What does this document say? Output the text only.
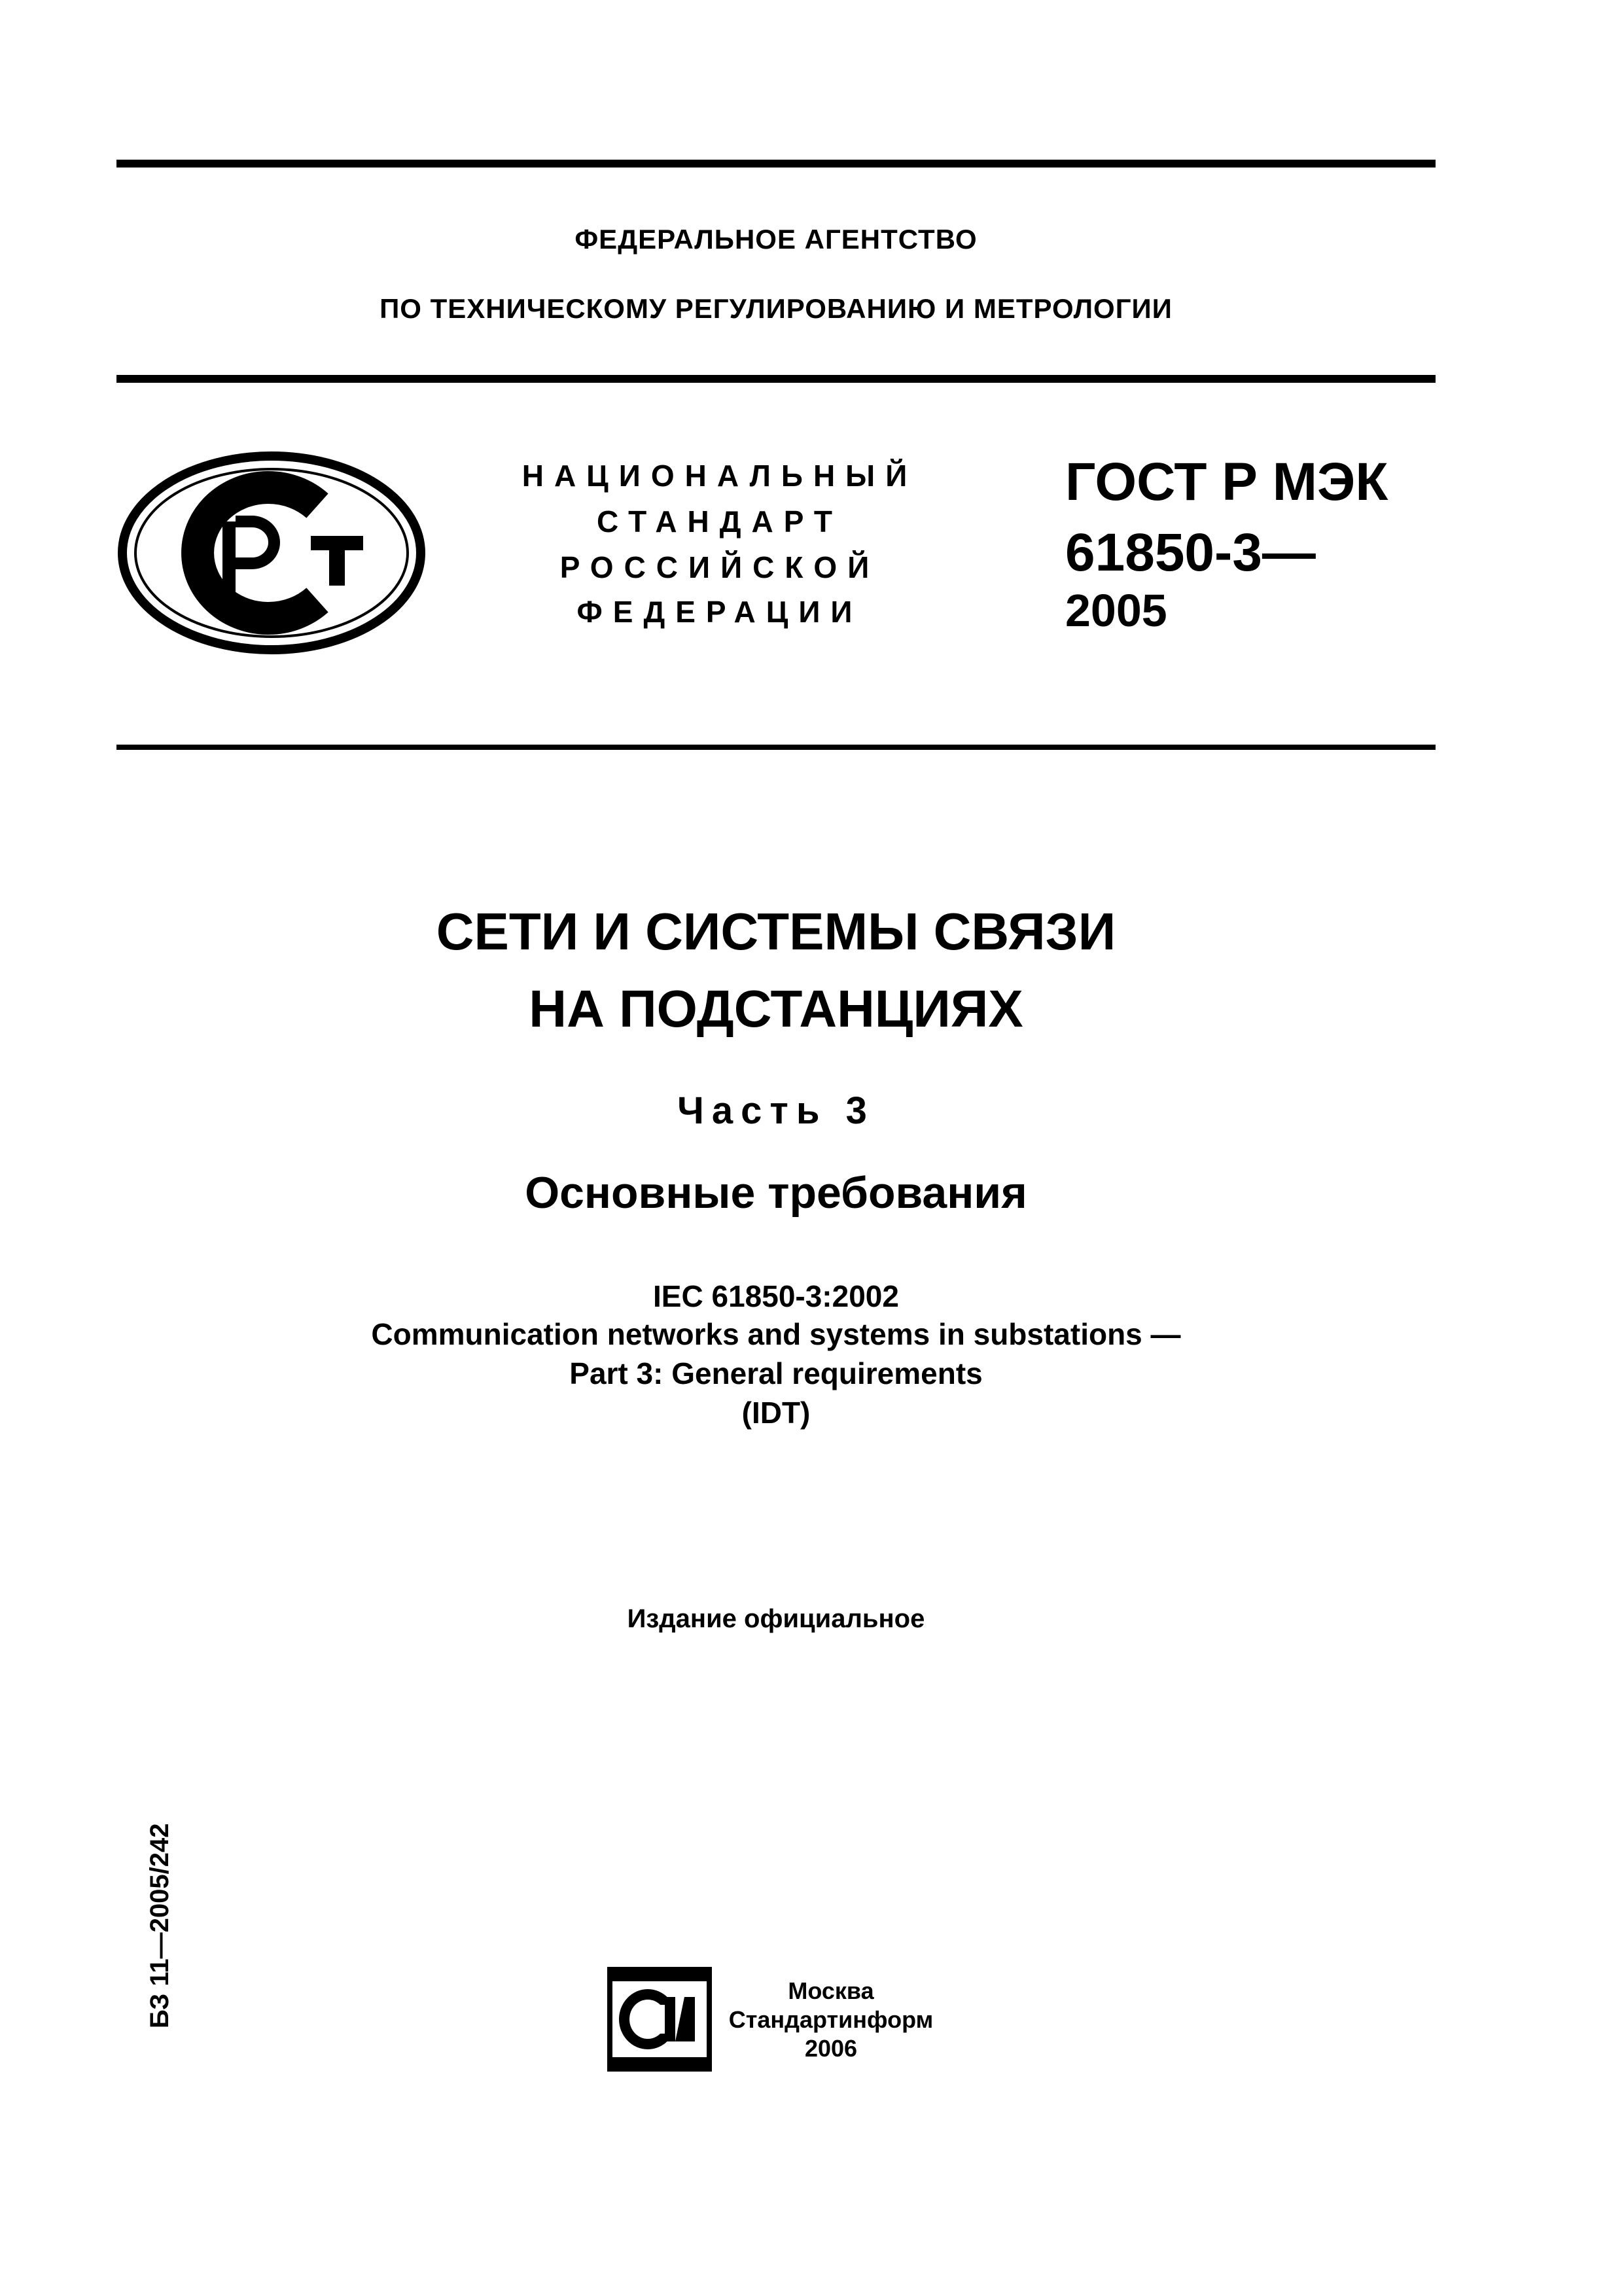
ФЕДЕРАЛЬНОЕ АГЕНТСТВО
ПО ТЕХНИЧЕСКОМУ РЕГУЛИРОВАНИЮ И МЕТРОЛОГИИ
НАЦИОНАЛЬНЫЙ
СТАНДАРТ
РОССИЙСКОЙ
ФЕДЕРАЦИИ
ГОСТ Р МЭК
61850-3—
2005
СЕТИ И СИСТЕМЫ СВЯЗИ
НА ПОДСТАНЦИЯХ
Часть 3
Основные требования
IEC 61850-3:2002
Communication networks and systems in substations —
Part 3: General requirements
(IDT)
Издание официальное
БЗ 11—2005/242	Москва
Стандартинформ
2006
